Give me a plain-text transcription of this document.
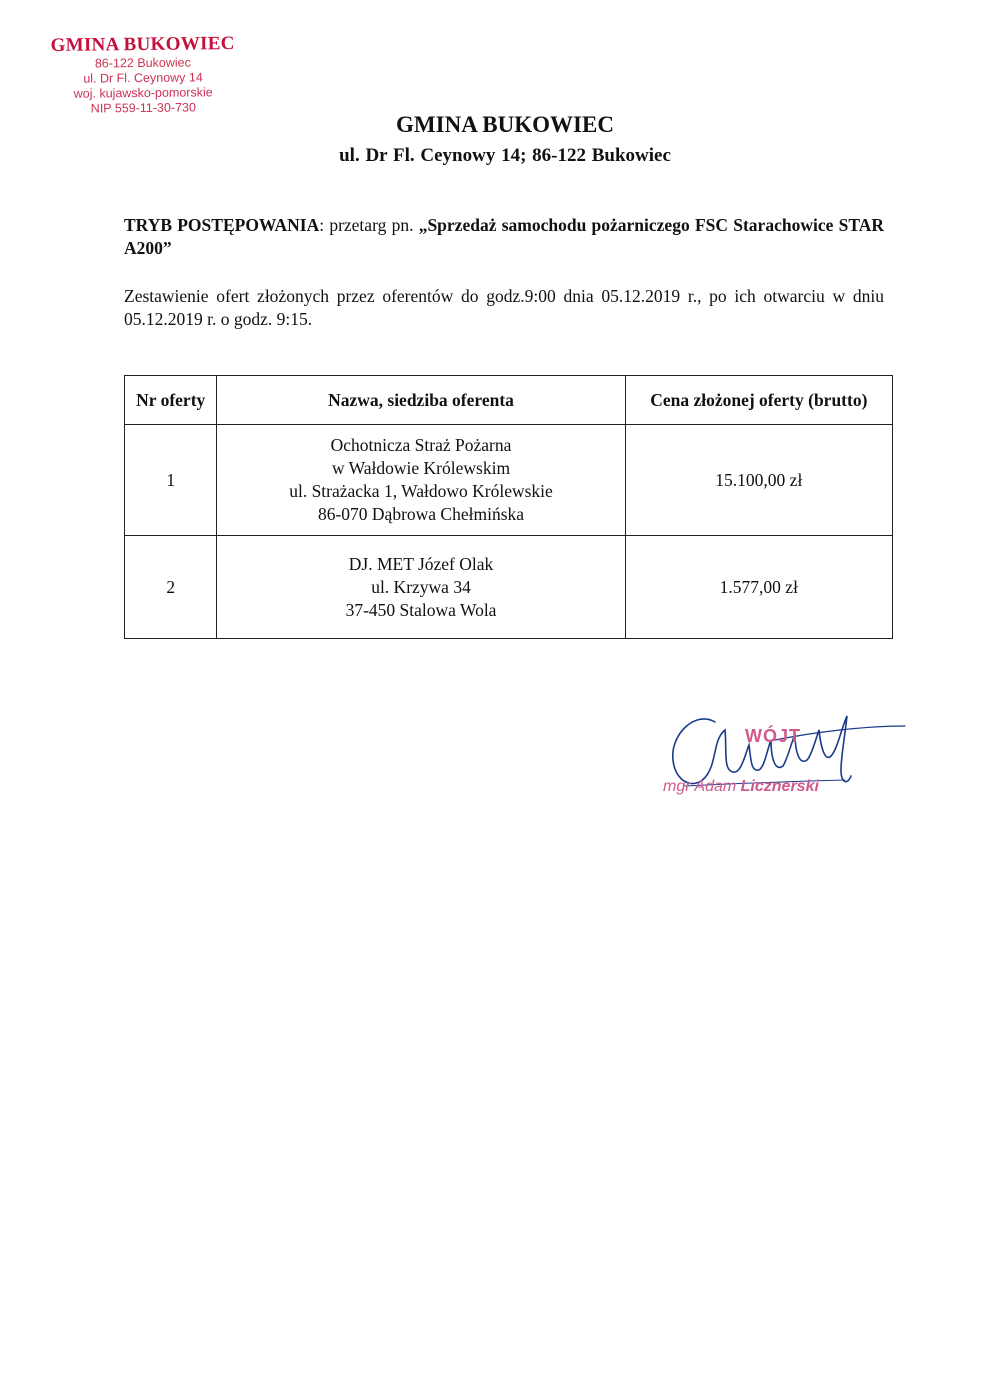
GMINA BUKOWIEC
86-122 Bukowiec
ul. Dr Fl. Ceynowy 14
woj. kujawsko-pomorskie
NIP 559-11-30-730
GMINA BUKOWIEC
ul. Dr Fl. Ceynowy 14; 86-122 Bukowiec
TRYB POSTĘPOWANIA: przetarg pn. „Sprzedaż samochodu pożarniczego FSC Starachowice STAR A200”
Zestawienie ofert złożonych przez oferentów do godz.9:00 dnia 05.12.2019 r., po ich otwarciu w dniu 05.12.2019 r. o godz. 9:15.
Nr oferty	Nazwa, siedziba oferenta	Cena złożonej oferty (brutto)
1	Ochotnicza Straż Pożarna
w Wałdowie Królewskim
ul. Strażacka 1, Wałdowo Królewskie
86-070 Dąbrowa Chełmińska	15.100,00 zł
2	DJ. MET Józef Olak
ul. Krzywa 34
37-450 Stalowa Wola	1.577,00 zł
WÓJT
mgr Adam Licznerski
